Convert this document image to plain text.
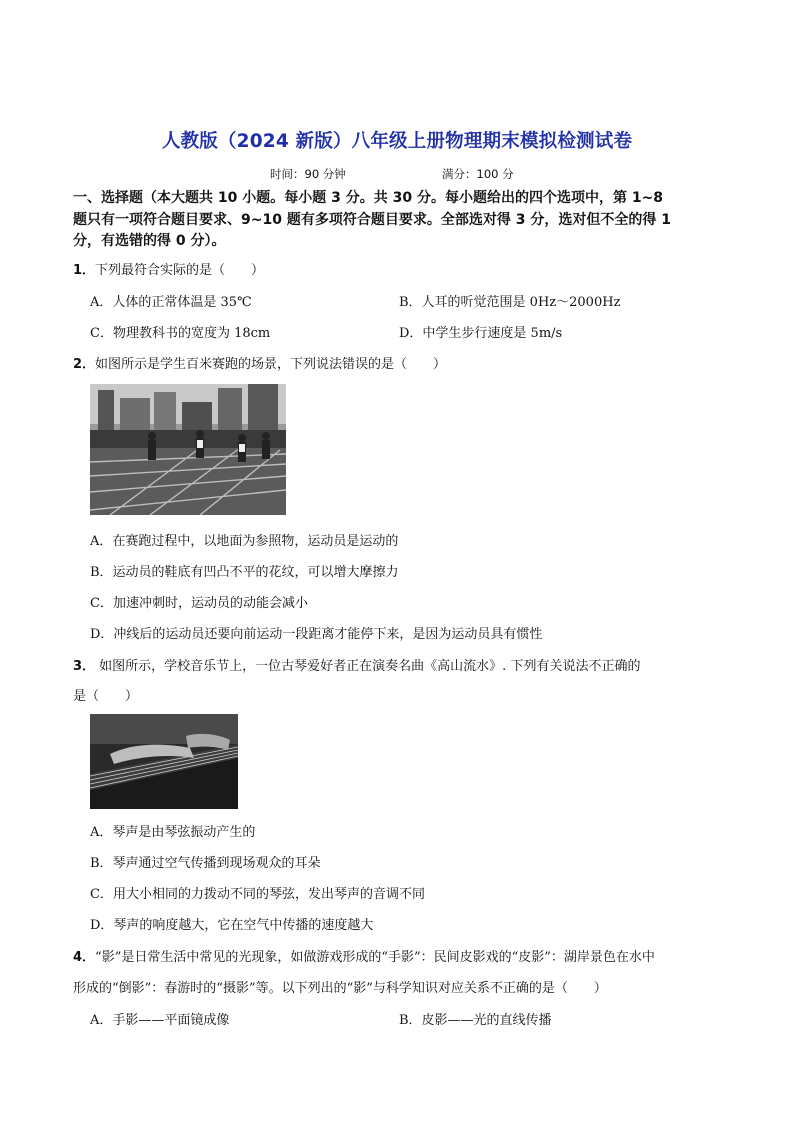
人教版（2024 新版）八年级上册物理期末模拟检测试卷
时间：90 分钟	满分：100 分
一、选择题（本大题共 10 小题。每小题 3 分。共 30 分。每小题给出的四个选项中，第 1~8
题只有一项符合题目要求、9~10 题有多项符合题目要求。全部选对得 3 分，选对但不全的得 1
分，有选错的得 0 分）。
1．下列最符合实际的是（　　）
A．人体的正常体温是 35℃	B．人耳的听觉范围是 0Hz～2000Hz
C．物理教科书的宽度为 18cm	D．中学生步行速度是 5m/s
2．如图所示是学生百米赛跑的场景，下列说法错误的是（　　）
A．在赛跑过程中，以地面为参照物，运动员是运动的
B．运动员的鞋底有凹凸不平的花纹，可以增大摩擦力
C．加速冲刺时，运动员的动能会减小
D．冲线后的运动员还要向前运动一段距离才能停下来，是因为运动员具有惯性
3． 如图所示，学校音乐节上，一位古琴爱好者正在演奏名曲《高山流水》. 下列有关说法不正确的
是（　　）
A．琴声是由琴弦振动产生的
B．琴声通过空气传播到现场观众的耳朵
C．用大小相同的力拨动不同的琴弦，发出琴声的音调不同
D．琴声的响度越大，它在空气中传播的速度越大
4．“影”是日常生活中常见的光现象，如做游戏形成的“手影”：民间皮影戏的“皮影”：湖岸景色在水中
形成的“倒影”：春游时的“摄影”等。以下列出的“影”与科学知识对应关系不正确的是（　　）
A．手影——平面镜成像	B．皮影——光的直线传播
